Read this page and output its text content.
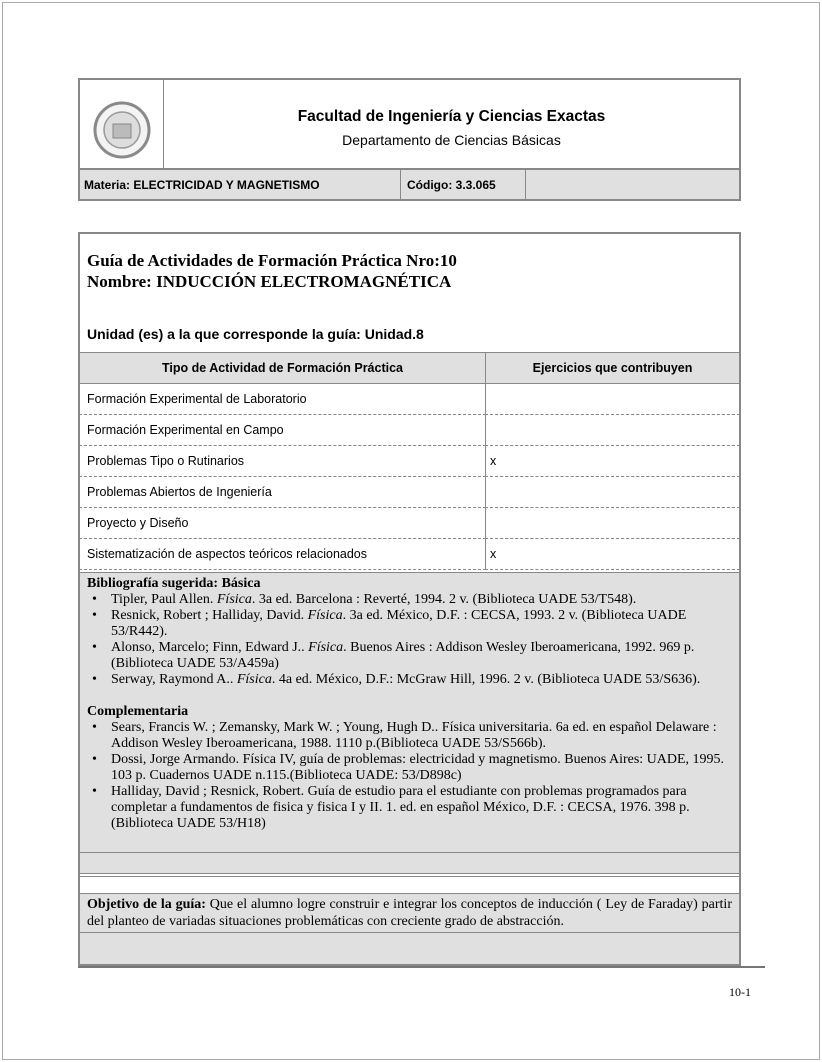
Facultad de Ingeniería y Ciencias Exactas
Departamento de Ciencias Básicas
Materia: ELECTRICIDAD Y MAGNETISMO	Código: 3.3.065
Guía de Actividades de Formación Práctica Nro:10
Nombre: INDUCCIÓN ELECTROMAGNÉTICA
Unidad (es) a la que corresponde la guía: Unidad.8
Tipo de Actividad de Formación Práctica	Ejercicios que contribuyen
Formación Experimental de Laboratorio
Formación Experimental en Campo
Problemas Tipo o Rutinarios	x
Problemas Abiertos de Ingeniería
Proyecto y Diseño
Sistematización de aspectos teóricos relacionados	x
Bibliografía sugerida: Básica
• Tipler, Paul Allen. Física. 3a ed. Barcelona : Reverté, 1994. 2 v. (Biblioteca UADE 53/T548).
• Resnick, Robert ; Halliday, David. Física. 3a ed. México, D.F. : CECSA, 1993. 2 v. (Biblioteca UADE 53/R442).
• Alonso, Marcelo; Finn, Edward J.. Física. Buenos Aires : Addison Wesley Iberoamericana, 1992. 969 p. (Biblioteca UADE 53/A459a)
• Serway, Raymond A.. Física. 4a ed. México, D.F.: McGraw Hill, 1996. 2 v. (Biblioteca UADE 53/S636).
Complementaria
• Sears, Francis W. ; Zemansky, Mark W. ; Young, Hugh D.. Física universitaria. 6a ed. en español Delaware : Addison Wesley Iberoamericana, 1988. 1110 p.(Biblioteca UADE 53/S566b).
• Dossi, Jorge Armando. Física IV, guía de problemas: electricidad y magnetismo. Buenos Aires: UADE, 1995. 103 p. Cuadernos UADE n.115.(Biblioteca UADE: 53/D898c)
• Halliday, David ; Resnick, Robert. Guía de estudio para el estudiante con problemas programados para completar a fundamentos de fisica y fisica I y II. 1. ed. en español México, D.F. : CECSA, 1976. 398 p. (Biblioteca UADE 53/H18)
Objetivo de la guía: Que el alumno logre construir e integrar los conceptos de inducción ( Ley de Faraday) partir del planteo de variadas situaciones problemáticas con creciente grado de abstracción.
10-1
